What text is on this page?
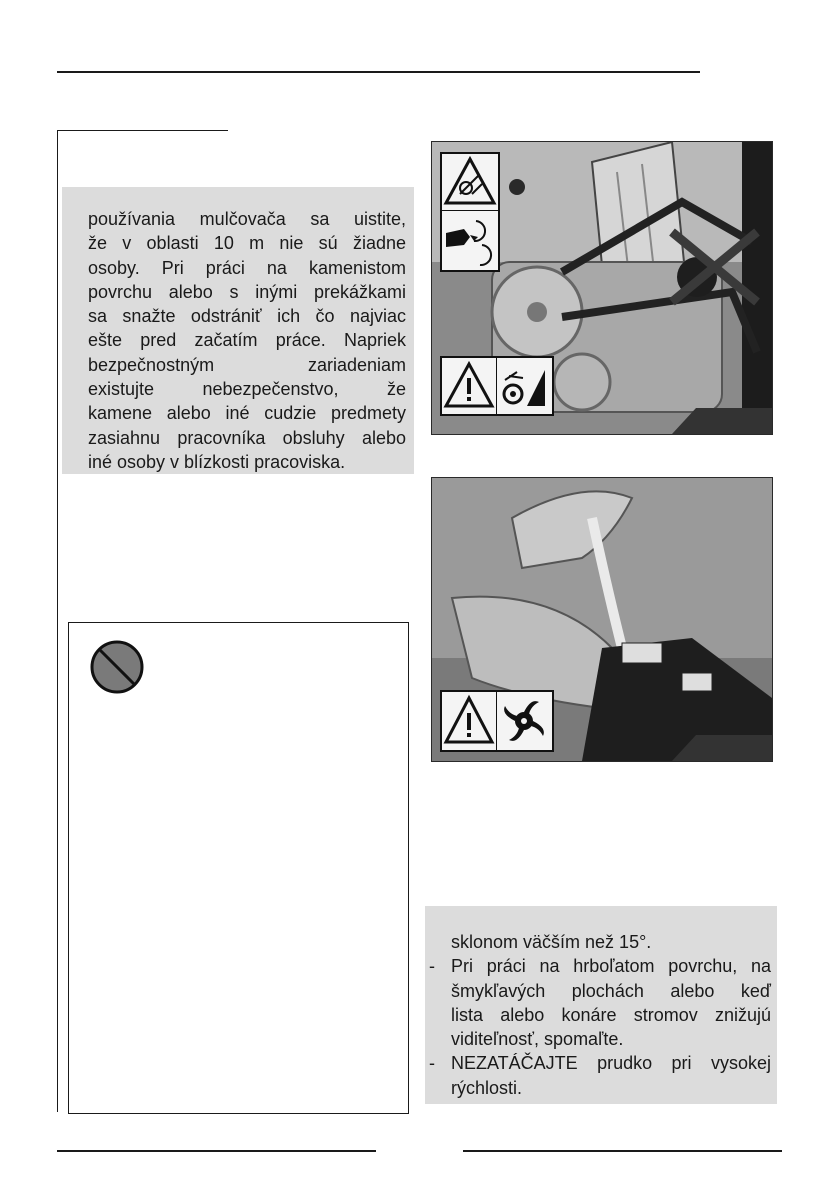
používania mulčovača sa uistite,
že v oblasti 10 m nie sú žiadne
osoby. Pri práci na kamenistom
povrchu alebo s inými prekážkami
sa snažte odstrániť ich čo najviac
ešte pred začatím práce. Napriek
bezpečnostným zariadeniam
existujte nebezpečenstvo, že
kamene alebo iné cudzie predmety
zasiahnu pracovníka obsluhy alebo
iné osoby v blízkosti pracoviska.
sklonom väčším než 15°.
- Pri práci na hrboľatom povrchu, na
šmykľavých plochách alebo keď
lista alebo konáre stromov znižujú
viditeľnosť, spomaľte.
- NEZATÁČAJTE prudko pri vysokej
rýchlosti.
